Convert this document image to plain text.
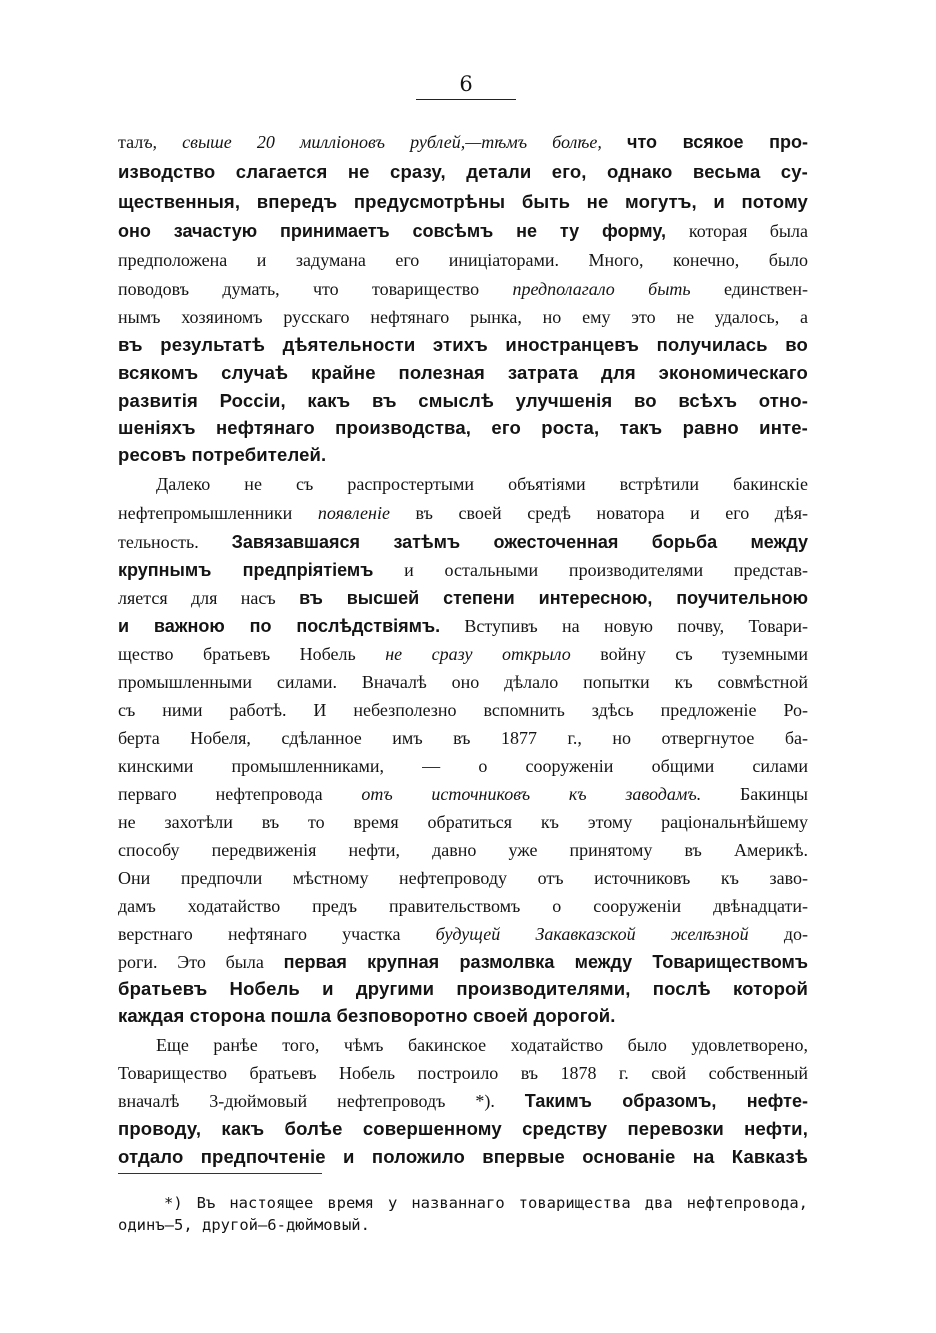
6
талъ, свыше 20 милліоновъ рублей,—тѣмъ болѣе, что всякое про-
изводство слагается не сразу, детали его, однако весьма су-
щественныя, впередъ предусмотрѣны быть не могутъ, и потому
оно зачастую принимаетъ совсѣмъ не ту форму, которая была
предположена и задумана его иниціаторами. Много, конечно, было
поводовъ думать, что товарищество предполагало быть единствен-
нымъ хозяиномъ русскаго нефтянаго рынка, но ему это не удалось, а
въ результатѣ дѣятельности этихъ иностранцевъ получилась во
всякомъ случаѣ крайне полезная затрата для экономическаго
развитія Россіи, какъ въ смыслѣ улучшенія во всѣхъ отно-
шеніяхъ нефтянаго производства, его роста, такъ равно инте-
ресовъ потребителей.
Далеко не съ распростертыми объятіями встрѣтили бакинскіе
нефтепромышленники появленіе въ своей средѣ новатора и его дѣя-
тельность. Завязавшаяся затѣмъ ожесточенная борьба между
крупнымъ предпріятіемъ и остальными производителями представ-
ляется для насъ въ высшей степени интересною, поучительною
и важною по послѣдствіямъ. Вступивъ на новую почву, Товари-
щество братьевъ Нобель не сразу открыло войну съ туземными
промышленными силами. Вначалѣ оно дѣлало попытки къ совмѣстной
съ ними работѣ. И небезполезно вспомнить здѣсь предложеніе Ро-
берта Нобеля, сдѣланное имъ въ 1877 г., но отвергнутое ба-
кинскими промышленниками, — о сооруженіи общими силами
перваго нефтепровода отъ источниковъ къ заводамъ. Бакинцы
не захотѣли въ то время обратиться къ этому раціональнѣйшему
способу передвиженія нефти, давно уже принятому въ Америкѣ.
Они предпочли мѣстному нефтепроводу отъ источниковъ къ заво-
дамъ ходатайство предъ правительствомъ о сооруженіи двѣнадцати-
верстнаго нефтянаго участка будущей Закавказской желѣзной до-
роги. Это была первая крупная размолвка между Товариществомъ
братьевъ Нобель и другими производителями, послѣ которой
каждая сторона пошла безповоротно своей дорогой.
Еще ранѣе того, чѣмъ бакинское ходатайство было удовлетворено,
Товарищество братьевъ Нобель построило въ 1878 г. свой собственный
вначалѣ 3-дюймовый нефтепроводъ *). Такимъ образомъ, нефте-
проводу, какъ болѣе совершенному средству перевозки нефти,
отдало предпочтеніе и положило впервые основаніе на Кавказѣ
*) Въ настоящее время у названнаго товарищества два нефтепровода,
одинъ—5, другой—6-дюймовый.
